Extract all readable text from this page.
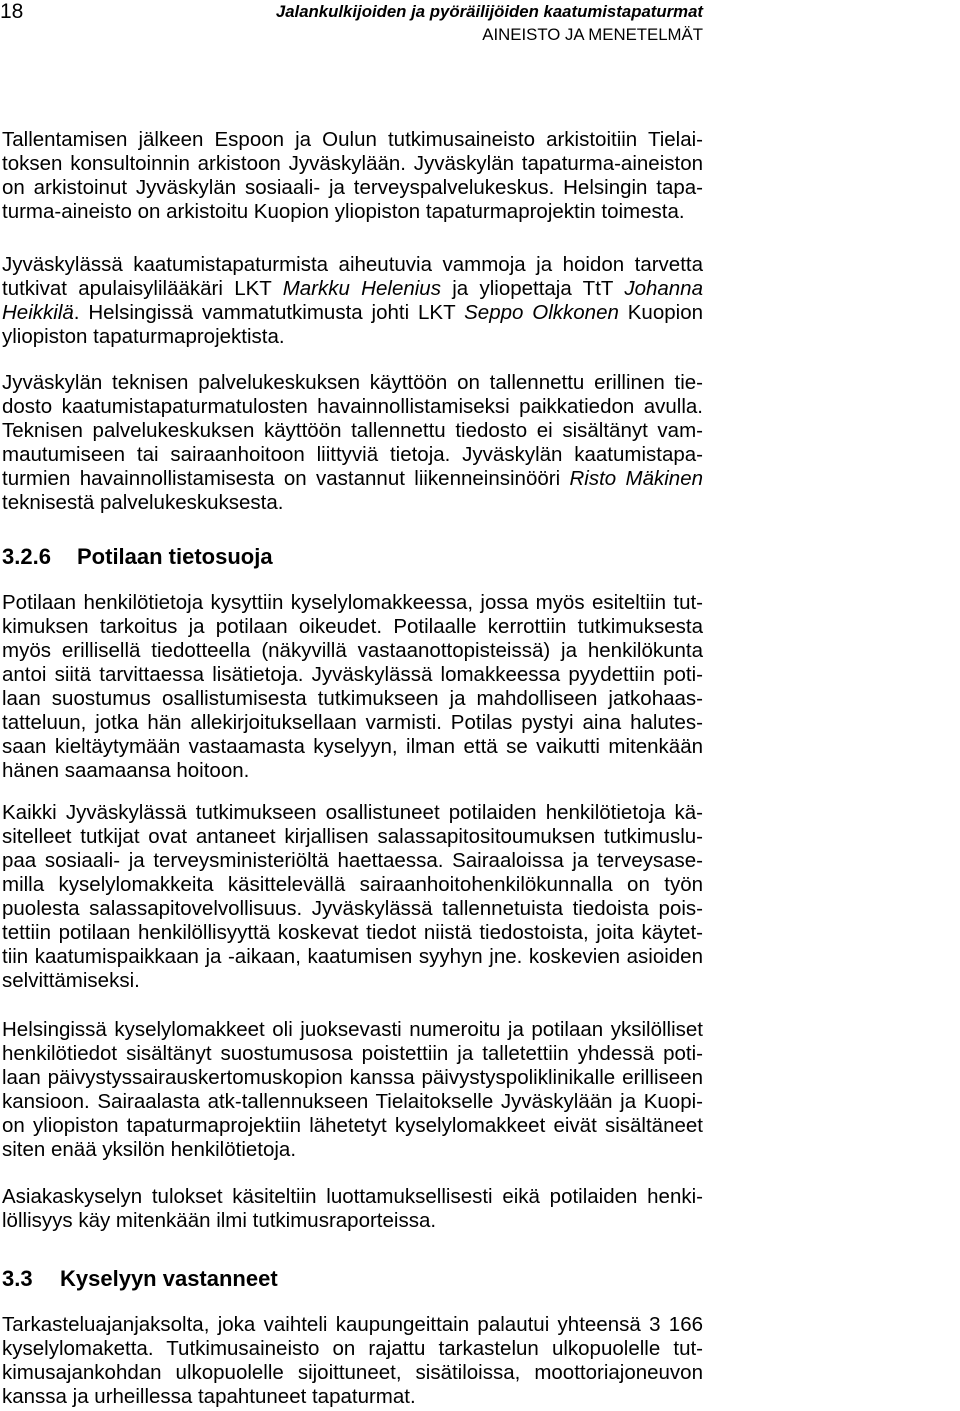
18	Jalankulkijoiden ja pyöräilijöiden kaatumistapaturmat
AINEISTO JA MENETELMÄT
Tallentamisen jälkeen Espoon ja Oulun tutkimusaineisto arkistoitiin Tielai-
toksen konsultoinnin arkistoon Jyväskylään. Jyväskylän tapaturma-aineiston
on arkistoinut Jyväskylän sosiaali- ja terveyspalvelukeskus. Helsingin tapa-
turma-aineisto on arkistoitu Kuopion yliopiston tapaturmaprojektin toimesta.
Jyväskylässä kaatumistapaturmista aiheutuvia vammoja ja hoidon tarvetta
tutkivat apulaisylilääkäri LKT Markku Helenius ja yliopettaja TtT Johanna
Heikkilä. Helsingissä vammatutkimusta johti LKT Seppo Olkkonen Kuopion
yliopiston tapaturmaprojektista.
Jyväskylän teknisen palvelukeskuksen käyttöön on tallennettu erillinen tie-
dosto kaatumistapaturmatulosten havainnollistamiseksi paikkatiedon avulla.
Teknisen palvelukeskuksen käyttöön tallennettu tiedosto ei sisältänyt vam-
mautumiseen tai sairaanhoitoon liittyviä tietoja. Jyväskylän kaatumistapa-
turmien havainnollistamisesta on vastannut liikenneinsinööri Risto Mäkinen
teknisestä palvelukeskuksesta.
3.2.6 Potilaan tietosuoja
Potilaan henkilötietoja kysyttiin kyselylomakkeessa, jossa myös esiteltiin tut-
kimuksen tarkoitus ja potilaan oikeudet. Potilaalle kerrottiin tutkimuksesta
myös erillisellä tiedotteella (näkyvillä vastaanottopisteissä) ja henkilökunta
antoi siitä tarvittaessa lisätietoja. Jyväskylässä lomakkeessa pyydettiin poti-
laan suostumus osallistumisesta tutkimukseen ja mahdolliseen jatkohaas-
tatteluun, jotka hän allekirjoituksellaan varmisti. Potilas pystyi aina halutes-
saan kieltäytymään vastaamasta kyselyyn, ilman että se vaikutti mitenkään
hänen saamaansa hoitoon.
Kaikki Jyväskylässä tutkimukseen osallistuneet potilaiden henkilötietoja kä-
sitelleet tutkijat ovat antaneet kirjallisen salassapitositoumuksen tutkimuslu-
paa sosiaali- ja terveysministeriöltä haettaessa. Sairaaloissa ja terveysase-
milla kyselylomakkeita käsittelevällä sairaanhoitohenkilökunnalla on työn
puolesta salassapitovelvollisuus. Jyväskylässä tallennetuista tiedoista pois-
tettiin potilaan henkilöllisyyttä koskevat tiedot niistä tiedostoista, joita käytet-
tiin kaatumispaikkaan ja -aikaan, kaatumisen syyhyn jne. koskevien asioiden
selvittämiseksi.
Helsingissä kyselylomakkeet oli juoksevasti numeroitu ja potilaan yksilölliset
henkilötiedot sisältänyt suostumusosa poistettiin ja talletettiin yhdessä poti-
laan päivystyssairauskertomuskopion kanssa päivystyspoliklinikalle erilliseen
kansioon. Sairaalasta atk-tallennukseen Tielaitokselle Jyväskylään ja Kuopi-
on yliopiston tapaturmaprojektiin lähetetyt kyselylomakkeet eivät sisältäneet
siten enää yksilön henkilötietoja.
Asiakaskyselyn tulokset käsiteltiin luottamuksellisesti eikä potilaiden henki-
löllisyys käy mitenkään ilmi tutkimusraporteissa.
3.3 Kyselyyn vastanneet
Tarkasteluajanjaksolta, joka vaihteli kaupungeittain palautui yhteensä 3 166
kyselylomaketta. Tutkimusaineisto on rajattu tarkastelun ulkopuolelle tut-
kimusajankohdan ulkopuolelle sijoittuneet, sisätiloissa, moottoriajoneuvon
kanssa ja urheillessa tapahtuneet tapaturmat.
